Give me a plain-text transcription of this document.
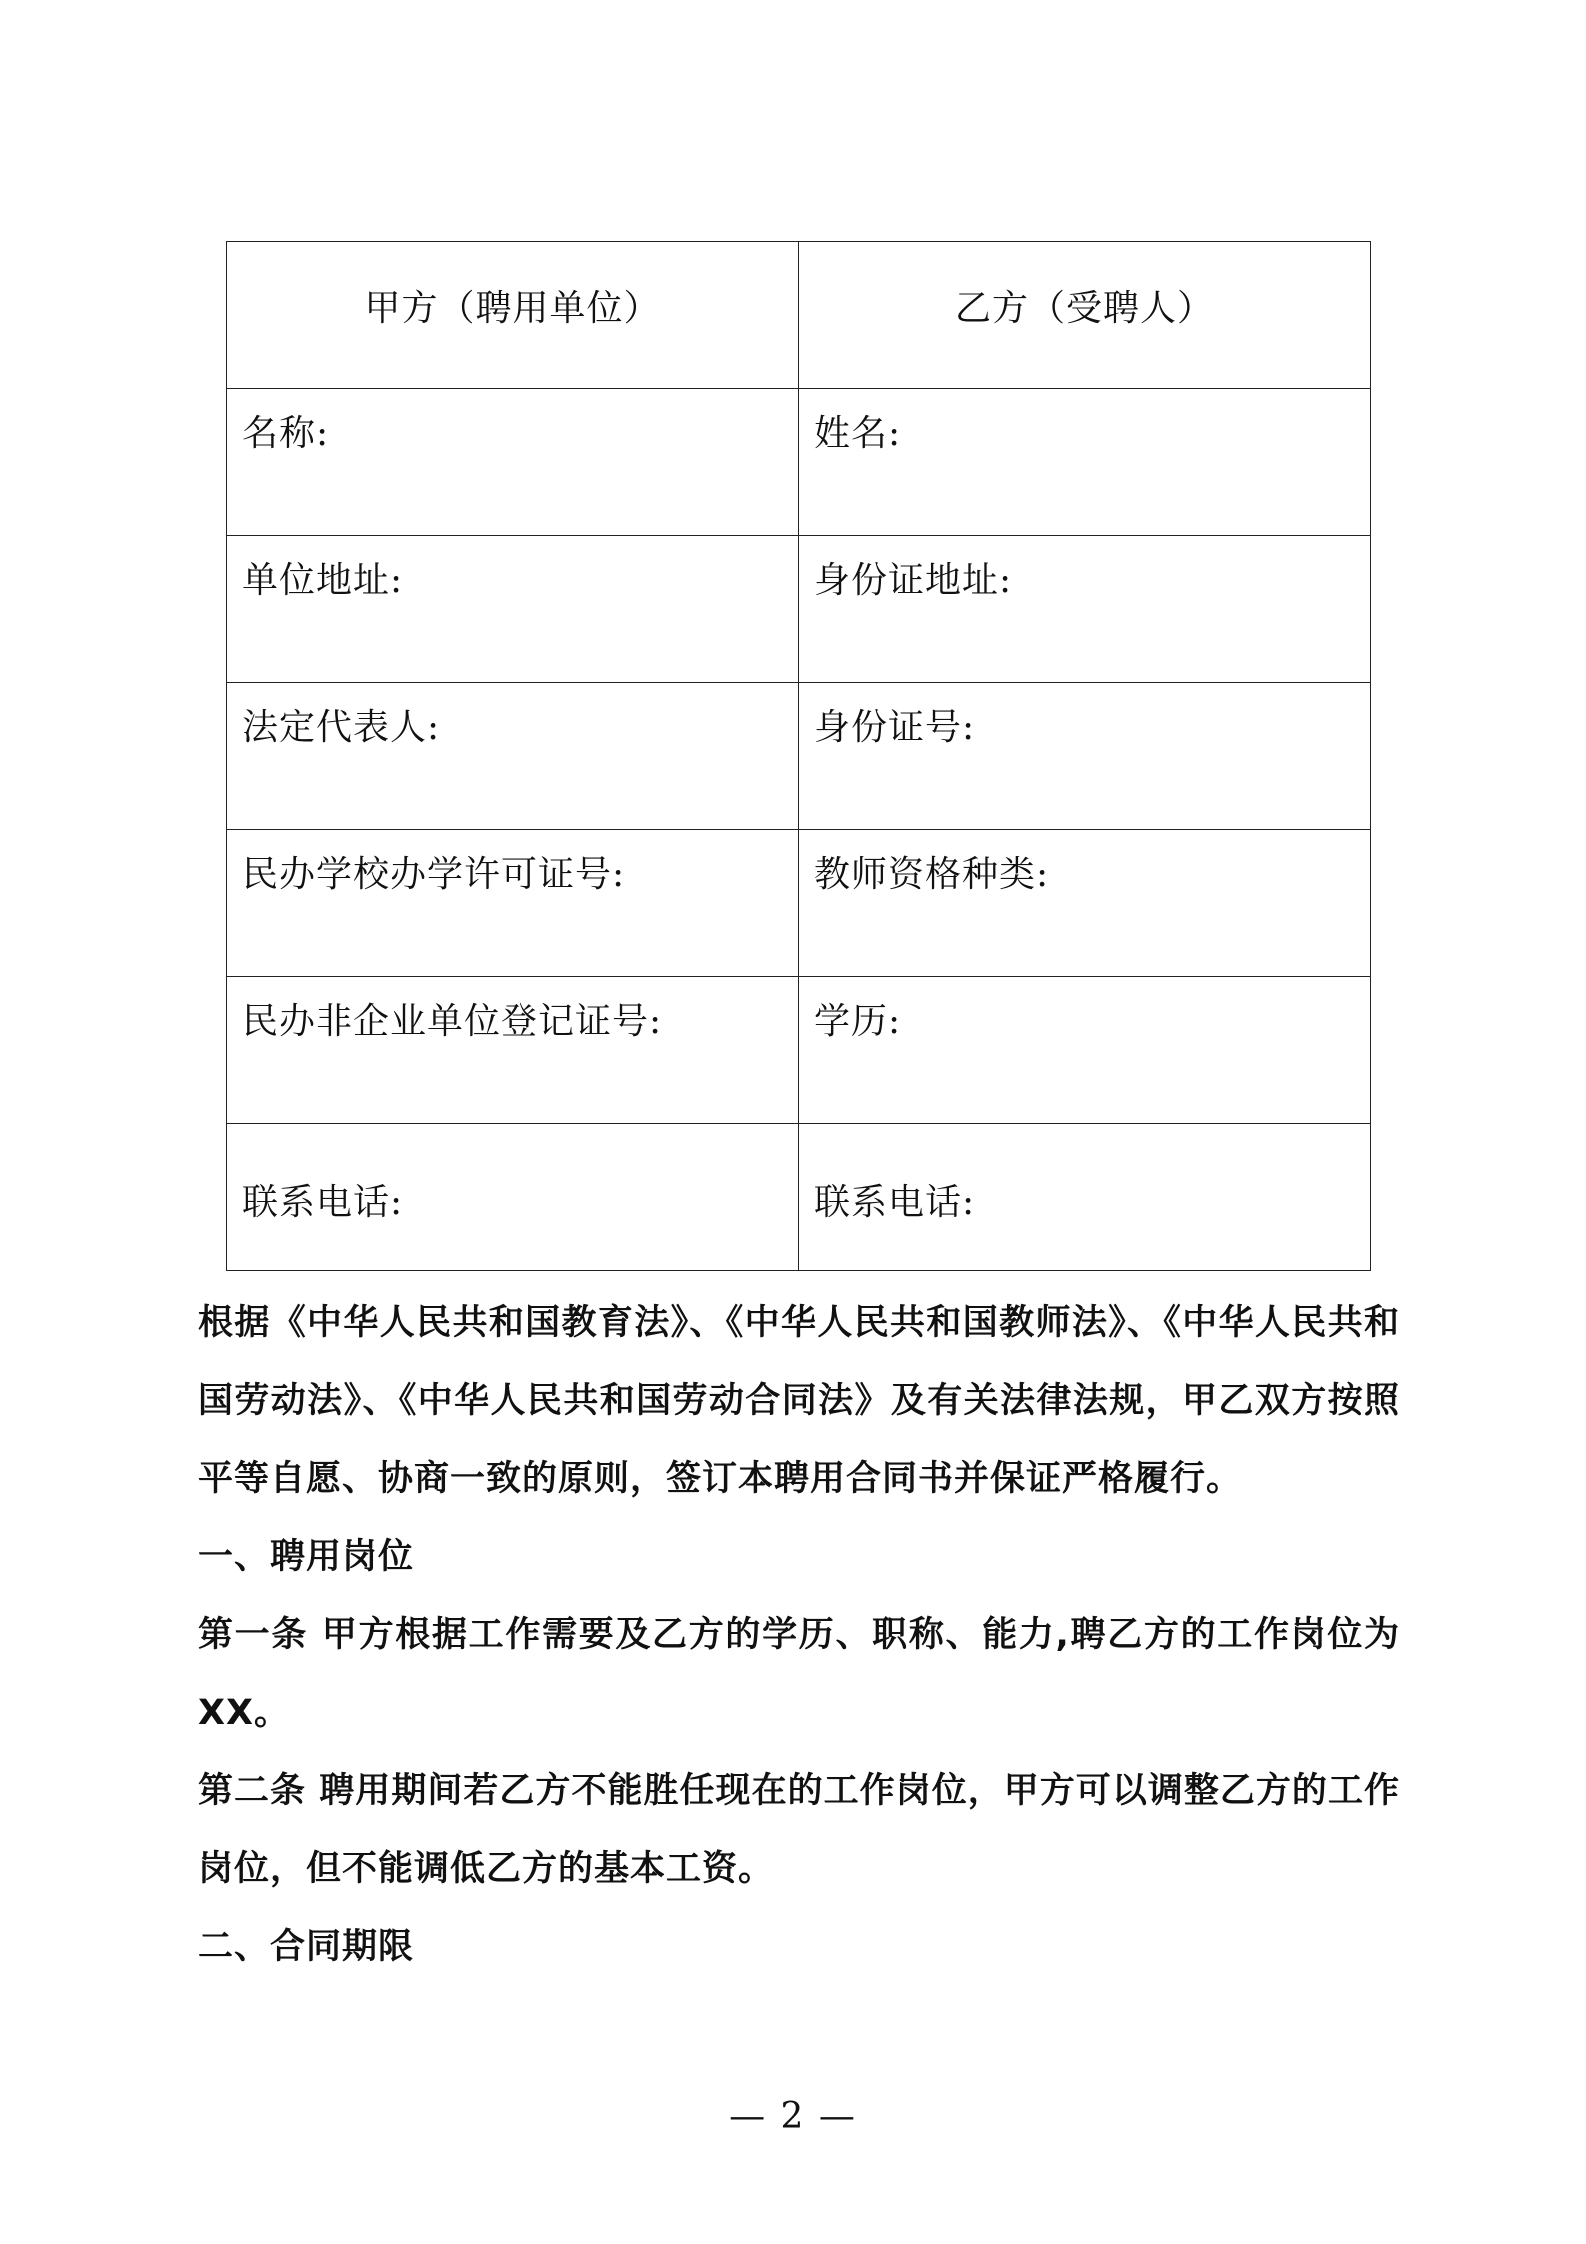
甲方（聘用单位）	乙方（受聘人）

名称:	姓名:

单位地址:	身份证地址:

法定代表人:	身份证号:

民办学校办学许可证号:	教师资格种类:

民办非企业单位登记证号:	学历:

联系电话:	联系电话:

根据《中华人民共和国教育法》、《中华人民共和国教师法》、《中华人民共和国劳动法》、《中华人民共和国劳动合同法》及有关法律法规，甲乙双方按照平等自愿、协商一致的原则，签订本聘用合同书并保证严格履行。

一、聘用岗位

第一条 甲方根据工作需要及乙方的学历、职称、能力,聘乙方的工作岗位为 XX。

第二条 聘用期间若乙方不能胜任现在的工作岗位，甲方可以调整乙方的工作岗位，但不能调低乙方的基本工资。

二、合同期限

— 2 —
